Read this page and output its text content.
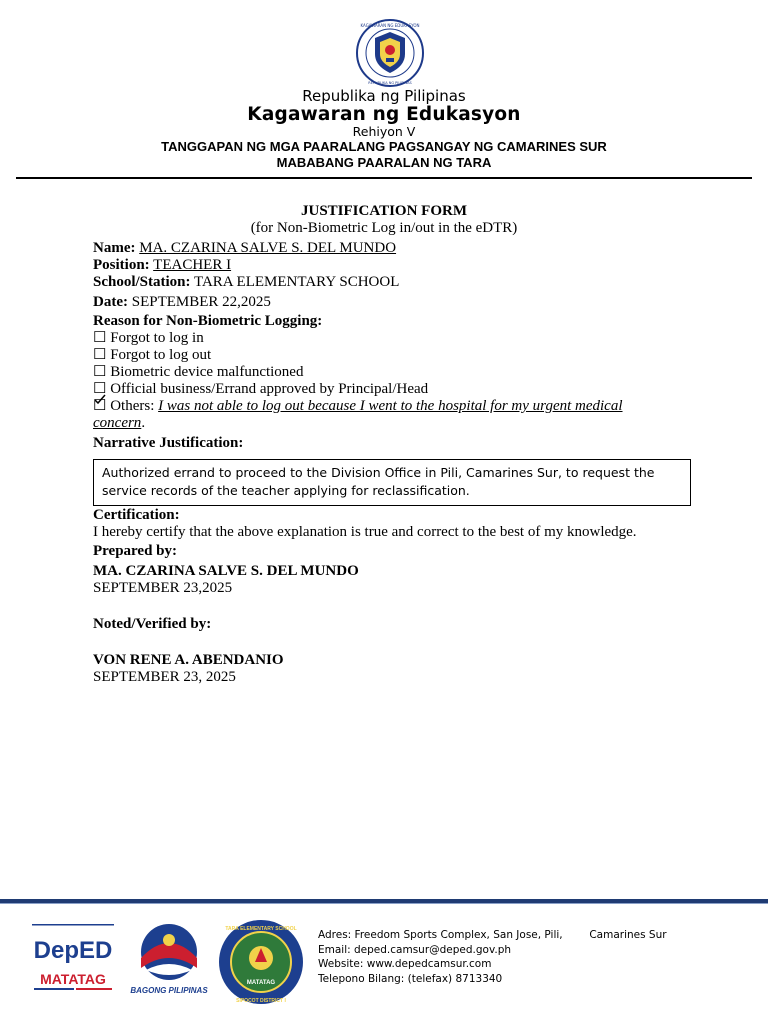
KAGAWARAN NG EDUKASYON
REPUBLIKA NG PILIPINAS
Republika ng Pilipinas
Kagawaran ng Edukasyon
Rehiyon V
TANGGAPAN NG MGA PAARALANG PAGSANGAY NG CAMARINES SUR
MABABANG PAARALAN NG TARA
JUSTIFICATION FORM
(for Non-Biometric Log in/out in the eDTR)
Name: MA. CZARINA SALVE S. DEL MUNDO
Position: TEACHER I
School/Station: TARA ELEMENTARY SCHOOL
Date: SEPTEMBER 22,2025
Reason for Non-Biometric Logging:
☐ Forgot to log in
☐ Forgot to log out
☐ Biometric device malfunctioned
☐ Official business/Errand approved by Principal/Head
☐ Others: I was not able to log out because I went to the hospital for my urgent medical concern.
Narrative Justification:
Authorized errand to proceed to the Division Office in Pili, Camarines Sur, to request the service records of the teacher applying for reclassification.
Certification:
I hereby certify that the above explanation is true and correct to the best of my knowledge.
Prepared by:
MA. CZARINA SALVE S. DEL MUNDO
SEPTEMBER 23,2025
Noted/Verified by:
VON RENE A. ABENDANIO
SEPTEMBER 23, 2025
DepED
MATATAG
BAGONG PILIPINAS
MATATAG
TARA ELEMENTARY SCHOOL
SIPOCOT DISTRICT I
Adres: Freedom Sports Complex, San Jose, Pili,        Camarines Sur
Email: deped.camsur@deped.gov.ph
Website: www.depedcamsur.com
Telepono Bilang: (telefax) 8713340
